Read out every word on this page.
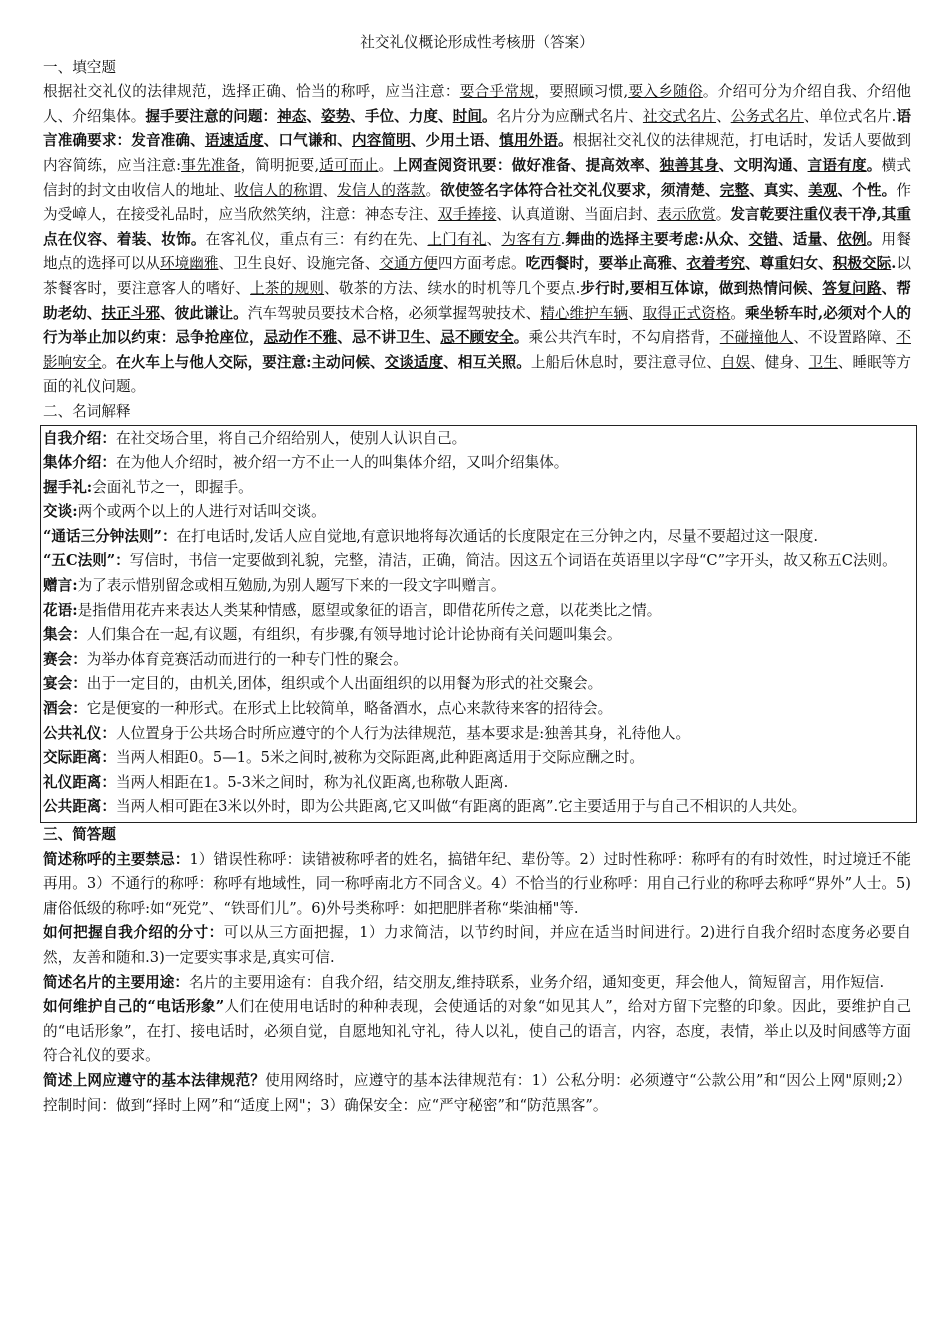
社交礼仪概论形成性考核册（答案）
一、填空题
根据社交礼仪的法律规范，选择正确、恰当的称呼，应当注意：要合乎常规，要照顾习惯,要入乡随俗。介绍可分为介绍自我、介绍他人、介绍集体。握手要注意的问题：神态、姿势、手位、力度、时间。名片分为应酬式名片、社交式名片、公务式名片、单位式名片.语言准确要求：发音准确、语速适度、口气谦和、内容简明、少用土语、慎用外语。根据社交礼仪的法律规范，打电话时，发话人要做到内容简练，应当注意:事先准备，简明扼要,适可而止。上网查阅资讯要：做好准备、提高效率、独善其身、文明沟通、言语有度。横式信封的封文由收信人的地址、收信人的称谓、发信人的落款。欲使签名字体符合社交礼仪要求，须清楚、完整、真实、美观、个性。作为受嶂人，在接受礼品时，应当欣然笑纳，注意：神态专注、双手捧接、认真道谢、当面启封、表示欣赏。发言乾要注重仪表干净,其重点在仪容、着装、妆饰。在客礼仪，重点有三：有约在先、上门有礼、为客有方.舞曲的选择主要考虑:从众、交错、适量、依例。用餐地点的选择可以从环境幽雅、卫生良好、设施完备、交通方便四方面考虑。吃西餐时，要举止高雅、衣着考究、尊重妇女、积极交际.以茶餐客时，要注意客人的嗜好、上茶的规则、敬茶的方法、续水的时机等几个要点.步行时,要相互体谅，做到热情问候、答复问路、帮助老幼、扶正斗邪、彼此谦让。汽车驾驶员要技术合格，必须掌握驾驶技术、精心维护车辆、取得正式资格。乘坐轿车时,必须对个人的行为举止加以约束：忌争抢座位，忌动作不雅、忌不讲卫生、忌不顾安全。乘公共汽车时，不勾肩搭背，不碰撞他人、不设置路障、不影响安全。在火车上与他人交际，要注意:主动问候、交谈适度、相互关照。上船后休息时，要注意寻位、自娱、健身、卫生、睡眠等方面的礼仪问题。
二、名词解释
自我介绍：在社交场合里，将自己介绍给别人，使别人认识自己。
集体介绍：在为他人介绍时，被介绍一方不止一人的叫集体介绍，又叫介绍集体。
握手礼:会面礼节之一，即握手。
交谈:两个或两个以上的人进行对话叫交谈。
“通话三分钟法则”：在打电话时,发话人应自觉地,有意识地将每次通话的长度限定在三分钟之内，尽量不要超过这一限度.
“五C法则”：写信时，书信一定要做到礼貌，完整，清洁，正确，简洁。因这五个词语在英语里以字母“C”字开头，故又称五C法则。
赠言:为了表示惜别留念或相互勉励,为别人题写下来的一段文字叫赠言。
花语:是指借用花卉来表达人类某种情感，愿望或象征的语言，即借花所传之意，以花类比之情。
集会：人们集合在一起,有议题，有组织，有步骤,有领导地讨论计论协商有关问题叫集会。
赛会：为举办体育竞赛活动而进行的一种专门性的聚会。
宴会：出于一定目的，由机关,团体，组织或个人出面组织的以用餐为形式的社交聚会。
酒会：它是便宴的一种形式。在形式上比较简单，略备酒水，点心来款待来客的招待会。
公共礼仪：人位置身于公共场合时所应遵守的个人行为法律规范，基本要求是:独善其身，礼待他人。
交际距离：当两人相距0。5—1。5米之间时,被称为交际距离,此种距离适用于交际应酬之时。
礼仪距离：当两人相距在1。5-3米之间时，称为礼仪距离,也称敬人距离.
公共距离：当两人相可距在3米以外时，即为公共距离,它又叫做“有距离的距离”.它主要适用于与自己不相识的人共处。
三、简答题
简述称呼的主要禁忌：1）错误性称呼：读错被称呼者的姓名，搞错年纪、辈份等。2）过时性称呼：称呼有的有时效性，时过境迁不能再用。3）不通行的称呼：称呼有地域性，同一称呼南北方不同含义。4）不恰当的行业称呼：用自己行业的称呼去称呼“界外”人士。5)庸俗低级的称呼:如“死党”、“铁哥们儿”。6)外号类称呼：如把肥胖者称“柴油桶"等.
如何把握自我介绍的分寸：可以从三方面把握，1）力求简洁，以节约时间，并应在适当时间进行。2)进行自我介绍时态度务必要自然，友善和随和.3)一定要实事求是,真实可信.
简述名片的主要用途：名片的主要用途有：自我介绍，结交朋友,维持联系，业务介绍，通知变更，拜会他人，简短留言，用作短信.
如何维护自己的“电话形象”人们在使用电话时的种种表现，会使通话的对象“如见其人”，给对方留下完整的印象。因此，要维护自己的“电话形象”，在打、接电话时，必须自觉，自愿地知礼守礼，待人以礼，使自己的语言，内容，态度，表情，举止以及时间感等方面符合礼仪的要求。
简述上网应遵守的基本法律规范？使用网络时，应遵守的基本法律规范有：1）公私分明：必须遵守“公款公用”和“因公上网"原则;2）控制时间：做到“择时上网”和“适度上网"；3）确保安全：应“严守秘密”和“防范黑客”。
